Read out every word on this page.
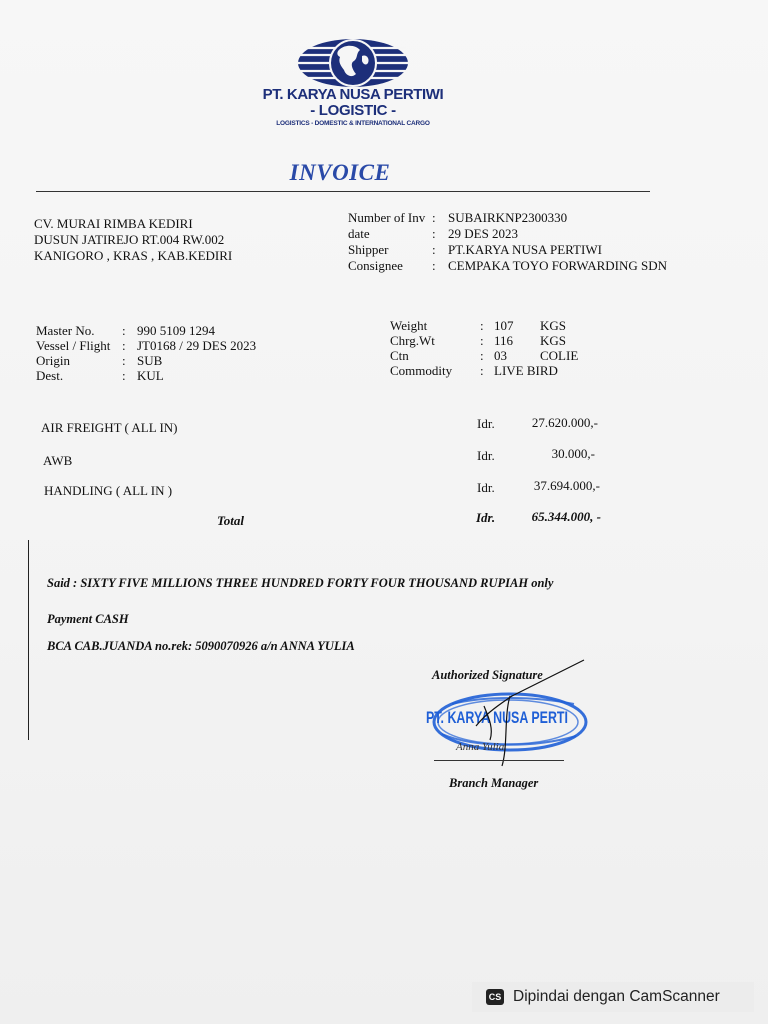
PT. KARYA NUSA PERTIWI
- LOGISTIC -
LOGISTICS - DOMESTIC & INTERNATIONAL CARGO
INVOICE
CV. MURAI RIMBA KEDIRI
DUSUN JATIREJO RT.004 RW.002
KANIGORO , KRAS , KAB.KEDIRI
Number of Inv : SUBAIRKNP2300330
date	: 29 DES 2023
Shipper	: PT.KARYA NUSA PERTIWI
Consignee	: CEMPAKA TOYO FORWARDING SDN
Master No.	: 990 5109 1294
Vessel / Flight : JT0168 / 29 DES 2023
Origin	: SUB
Dest.	: KUL
Weight	: 107	KGS
Chrg.Wt	: 116	KGS
Ctn	: 03	COLIE
Commodity	: LIVE BIRD
AIR FREIGHT ( ALL IN)	Idr.	27.620.000,-
AWB	Idr.	30.000,-
HANDLING ( ALL IN )	Idr.	37.694.000,-
Total	Idr.	65.344.000, -
Said : SIXTY FIVE MILLIONS THREE HUNDRED FORTY FOUR THOUSAND RUPIAH only
Payment CASH
BCA CAB.JUANDA no.rek: 5090070926 a/n ANNA YULIA
PT. KARYA NUSA PERTI
Authorized Signature
Anna Yulia
Branch Manager
CS Dipindai dengan CamScanner
